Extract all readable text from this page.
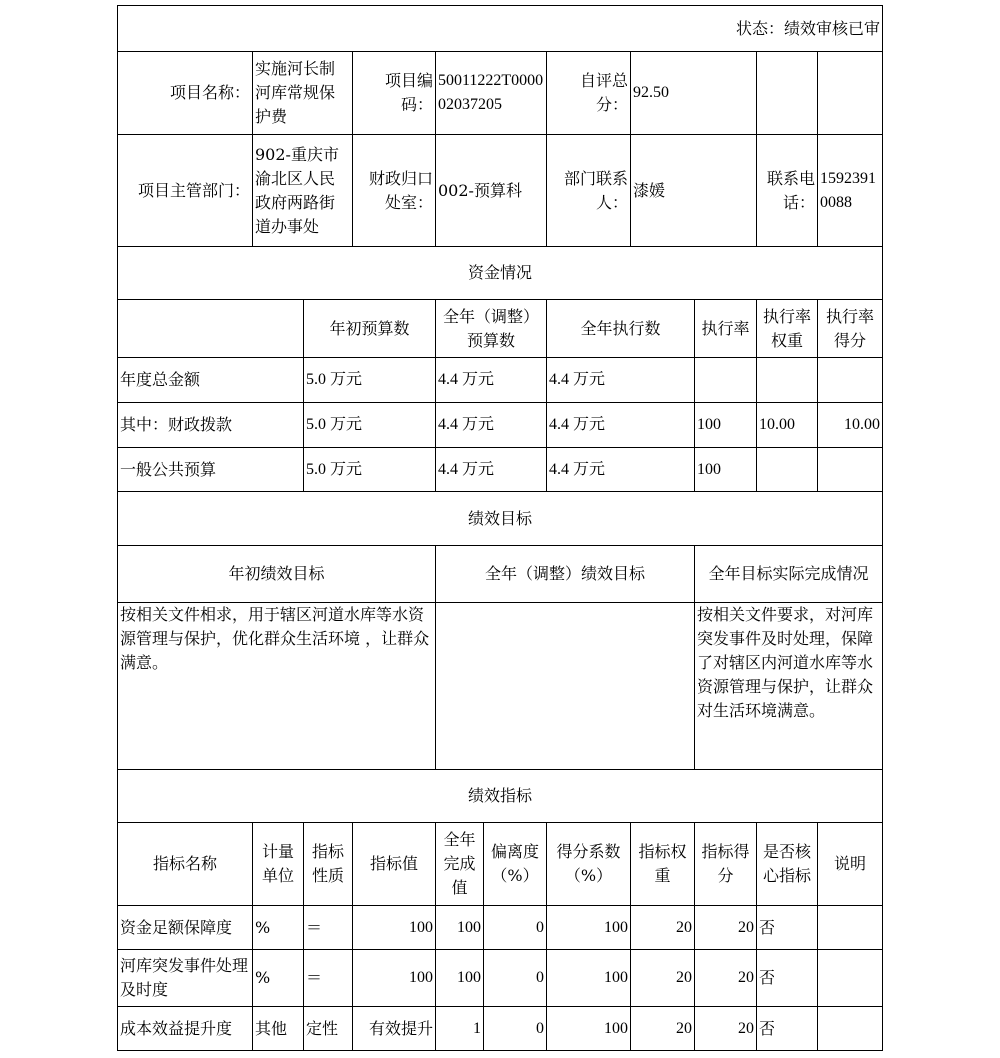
状态：绩效审核已审										
项目名称：	实施河长制河库常规保护费		项目编码：	50011222T000002037205		自评总分：	92.50			
项目主管部门：	902-重庆市渝北区人民政府两路街道办事处		财政归口处室：	002-预算科		部门联系人：	漆媛		联系电话：	15923910088
资金情况										
		年初预算数		全年（调整）预算数		全年执行数		执行率	执行率权重	执行率得分
年度总金额		5.0 万元		4.4 万元		4.4 万元				
其中：财政拨款		5.0 万元		4.4 万元		4.4 万元		100	10.00	10.00
一般公共预算		5.0 万元		4.4 万元		4.4 万元		100		
绩效目标										
年初绩效目标				全年（调整）绩效目标				全年目标实际完成情况		
按相关文件相求，用于辖区河道水库等水资源管理与保护，优化群众生活环境 ，让群众满意。								按相关文件要求，对河库突发事件及时处理，保障了对辖区内河道水库等水资源管理与保护，让群众对生活环境满意。		
绩效指标										
指标名称	计量单位	指标性质	指标值	全年完成值	偏离度（%）	得分系数（%）	指标权重	指标得分	是否核心指标	说明
资金足额保障度	%	＝	100	100	0	100	20	20	否	
河库突发事件处理及时度	%	＝	100	100	0	100	20	20	否	
成本效益提升度	其他	定性	有效提升	1	0	100	20	20	否	
